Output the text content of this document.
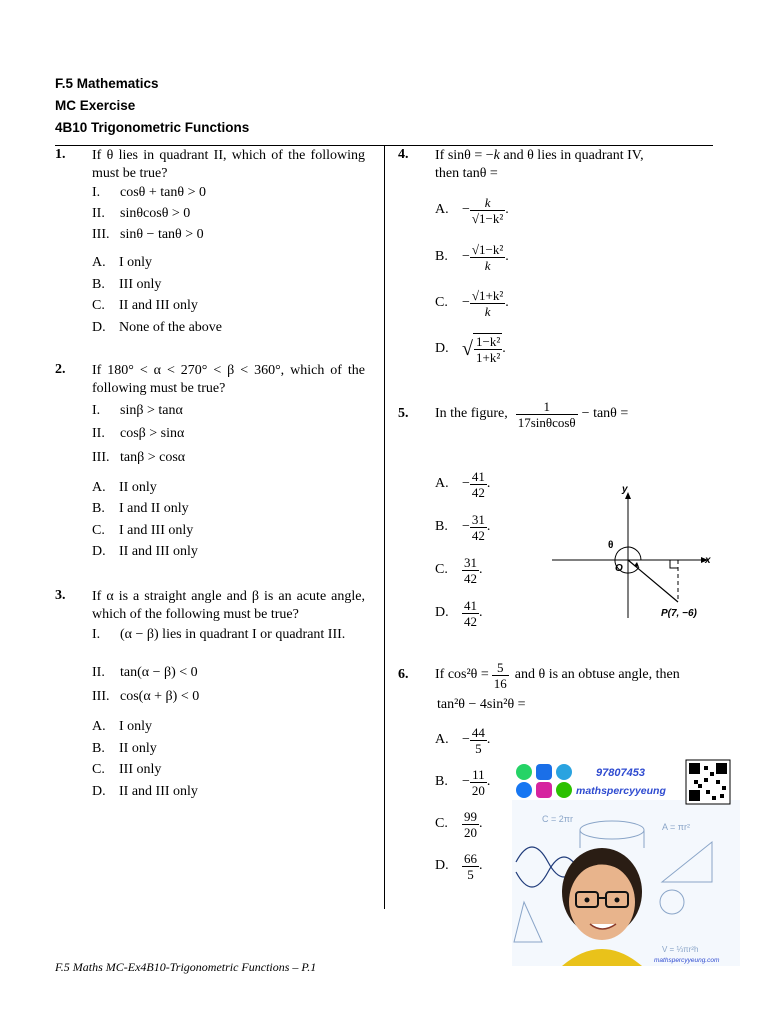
F.5 Mathematics
MC Exercise
4B10 Trigonometric Functions
1. If θ lies in quadrant II, which of the following must be true?
I. cosθ + tanθ > 0
II. sinθcosθ > 0
III. sinθ − tanθ > 0
A. I only
B. III only
C. II and III only
D. None of the above
2. If 180° < α < 270° < β < 360°, which of the following must be true?
I. sinβ > tanα
II. cosβ > sinα
III. tanβ > cosα
A. II only
B. I and II only
C. I and III only
D. II and III only
3. If α is a straight angle and β is an acute angle, which of the following must be true?
I.	(α − β) lies in quadrant I or quadrant III.
II. tan(α − β) < 0
III. cos(α + β) < 0
A. I only
B. II only
C. III only
D. II and III only
4. If sinθ = −k and θ lies in quadrant IV,
then tanθ =
A. − $\frac{k}{\text{√1−k²}}$ .
B.	− $\frac{\text{√1−k²}}{k}$ .
C.	− $\frac{\text{√1+k²}}{k}$ .
D. √ $\frac{\text{1−k²}}{\text{1+k²}}$ .
5. In the figure, $\frac{1}{17\sin\theta\cos\theta} - \tan\theta$ =
A. − $\frac{41}{42}$ .
B.	− $\frac{31}{42}$ .
C.	$\frac{31}{42}$ .
D.	$\frac{41}{42}$ .
y
x
θ
O
P(7, −6)
6. If $\cos^2\theta = \frac{5}{16}$ and θ is an obtuse angle, then
tan²θ − 4sin²θ =
A. − $\frac{44}{5}$ .
B.	− $\frac{11}{20}$ .
C.	$\frac{99}{20}$ .
D.	$\frac{66}{5}$ .
C = 2πr
A = πr²
V = ⅓πr²h
97807453
mathspercyyeung
mathspercyyeung.com
F.5 Maths MC-Ex4B10-Trigonometric Functions – P.1
